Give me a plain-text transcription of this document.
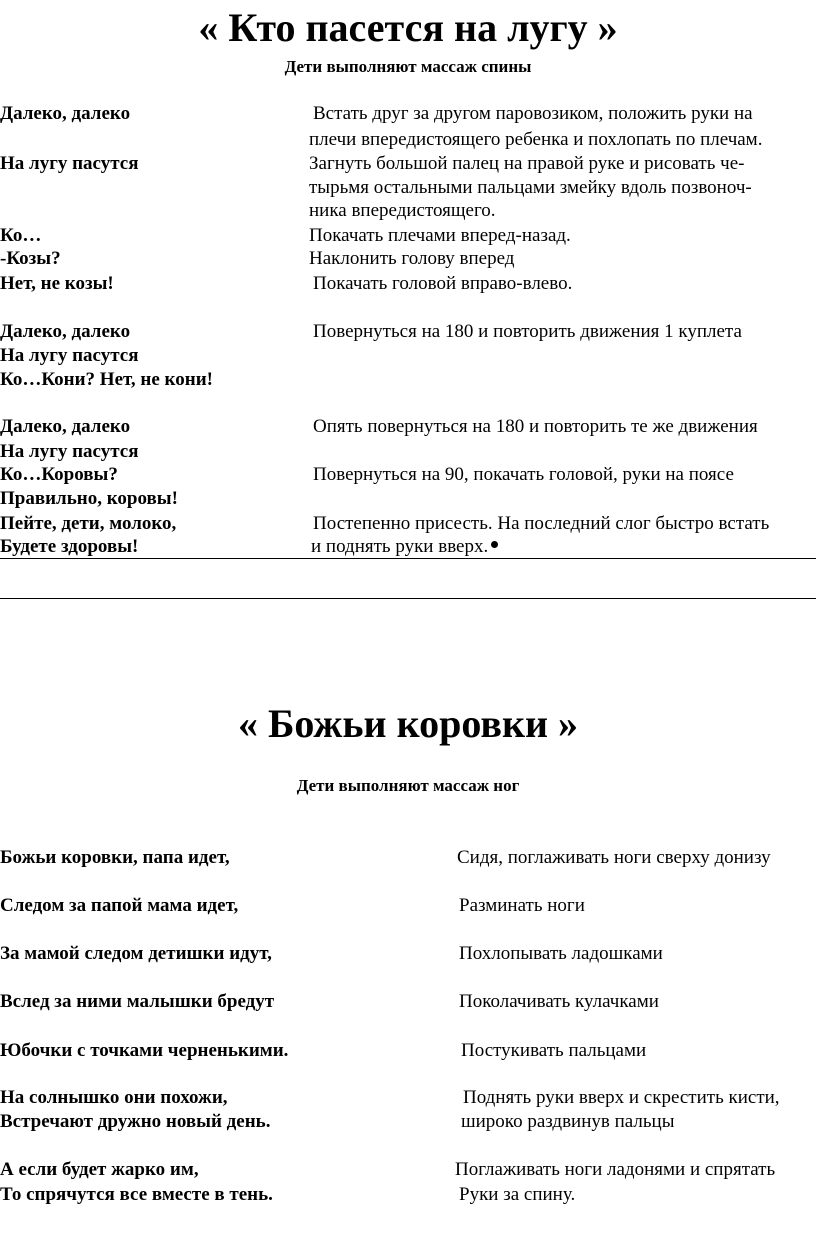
« Кто пасется на лугу »
Дети выполняют массаж спины
Далеко, далеко	Встать друг за другом паровозиком, положить руки на
плечи впередистоящего ребенка и похлопать по плечам.
На лугу пасутся	Загнуть большой палец на правой руке и рисовать че-
тырьмя остальными пальцами змейку вдоль позвоноч-
ника впередистоящего.
Ко…	Покачать плечами вперед-назад.
-Козы?	Наклонить голову вперед
Нет, не козы!	Покачать головой вправо-влево.
Далеко, далеко	Повернуться на 180 и повторить движения 1 куплета
На лугу пасутся
Ко…Кони? Нет, не кони!
Далеко, далеко	Опять повернуться на 180 и повторить те же движения
На лугу пасутся
Ко…Коровы?	Повернуться на 90, покачать головой, руки на поясе
Правильно, коровы!
Пейте, дети, молоко,	Постепенно присесть. На последний слог быстро встать
Будете здоровы!	и поднять руки вверх.
« Божьи коровки »
Дети выполняют массаж ног
Божьи коровки, папа идет,	Сидя, поглаживать ноги сверху донизу
Следом за папой мама идет,	Разминать ноги
За мамой следом детишки идут,	Похлопывать ладошками
Вслед за ними малышки бредут	Поколачивать кулачками
Юбочки с точками черненькими.	Постукивать пальцами
На солнышко они похожи,	Поднять руки вверх и скрестить кисти,
Встречают дружно новый день.	широко раздвинув пальцы
А если будет жарко им,	Поглаживать ноги ладонями и спрятать
То спрячутся все вместе в тень.	Руки за спину.
